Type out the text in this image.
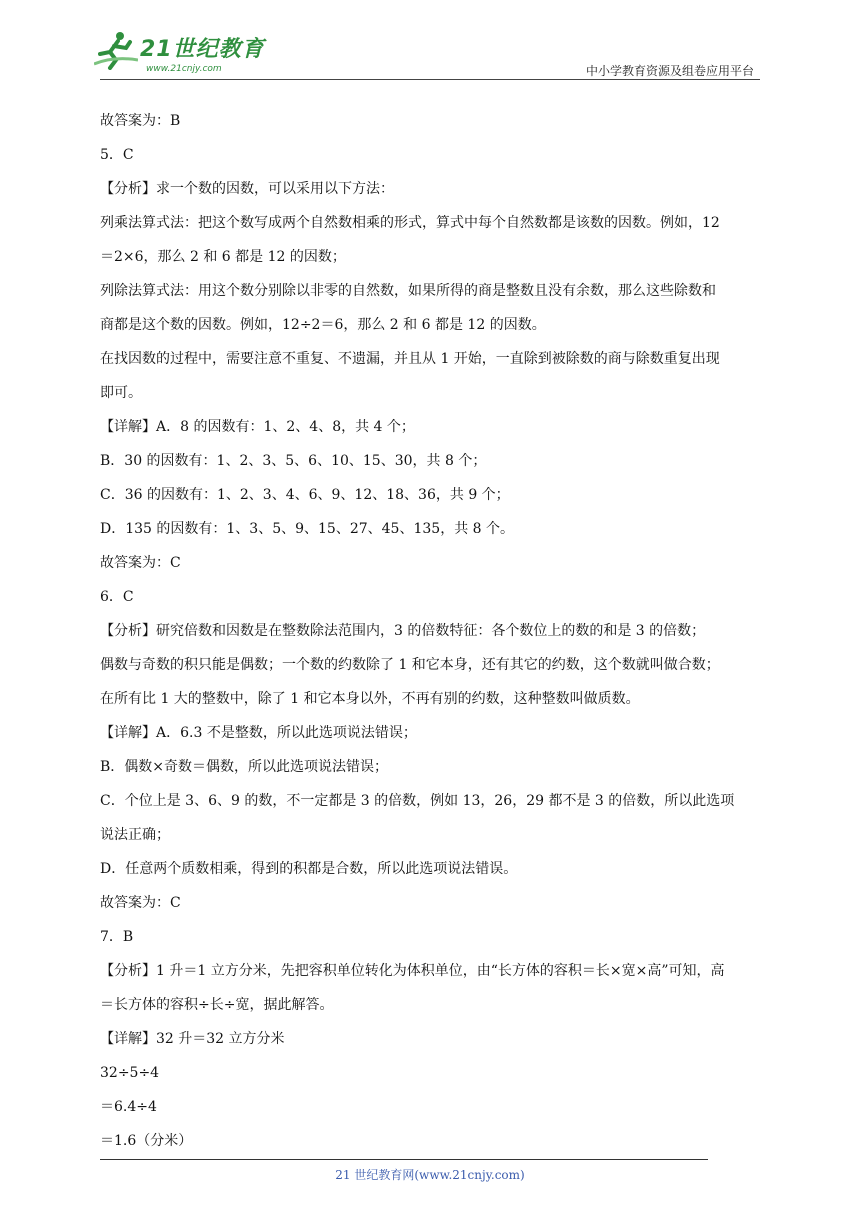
21世纪教育
www.21cnjy.com	中小学教育资源及组卷应用平台
故答案为：B
5．C
【分析】求一个数的因数，可以采用以下方法：
列乘法算式法：把这个数写成两个自然数相乘的形式，算式中每个自然数都是该数的因数。例如，12
＝2×6，那么 2 和 6 都是 12 的因数；
列除法算式法：用这个数分别除以非零的自然数，如果所得的商是整数且没有余数，那么这些除数和
商都是这个数的因数。例如，12÷2＝6，那么 2 和 6 都是 12 的因数。
在找因数的过程中，需要注意不重复、不遗漏，并且从 1 开始，一直除到被除数的商与除数重复出现
即可。
【详解】A．8 的因数有：1、2、4、8，共 4 个；
B．30 的因数有：1、2、3、5、6、10、15、30，共 8 个；
C．36 的因数有：1、2、3、4、6、9、12、18、36，共 9 个；
D．135 的因数有：1、3、5、9、15、27、45、135，共 8 个。
故答案为：C
6．C
【分析】研究倍数和因数是在整数除法范围内，3 的倍数特征：各个数位上的数的和是 3 的倍数；
偶数与奇数的积只能是偶数；一个数的约数除了 1 和它本身，还有其它的约数，这个数就叫做合数；
在所有比 1 大的整数中，除了 1 和它本身以外，不再有别的约数，这种整数叫做质数。
【详解】A．6.3 不是整数，所以此选项说法错误；
B．偶数×奇数＝偶数，所以此选项说法错误；
C．个位上是 3、6、9 的数，不一定都是 3 的倍数，例如 13，26，29 都不是 3 的倍数，所以此选项
说法正确；
D．任意两个质数相乘，得到的积都是合数，所以此选项说法错误。
故答案为：C
7．B
【分析】1 升＝1 立方分米，先把容积单位转化为体积单位，由“长方体的容积＝长×宽×高”可知，高
＝长方体的容积÷长÷宽，据此解答。
【详解】32 升＝32 立方分米
32÷5÷4
＝6.4÷4
＝1.6（分米）
21 世纪教育网(www.21cnjy.com)
